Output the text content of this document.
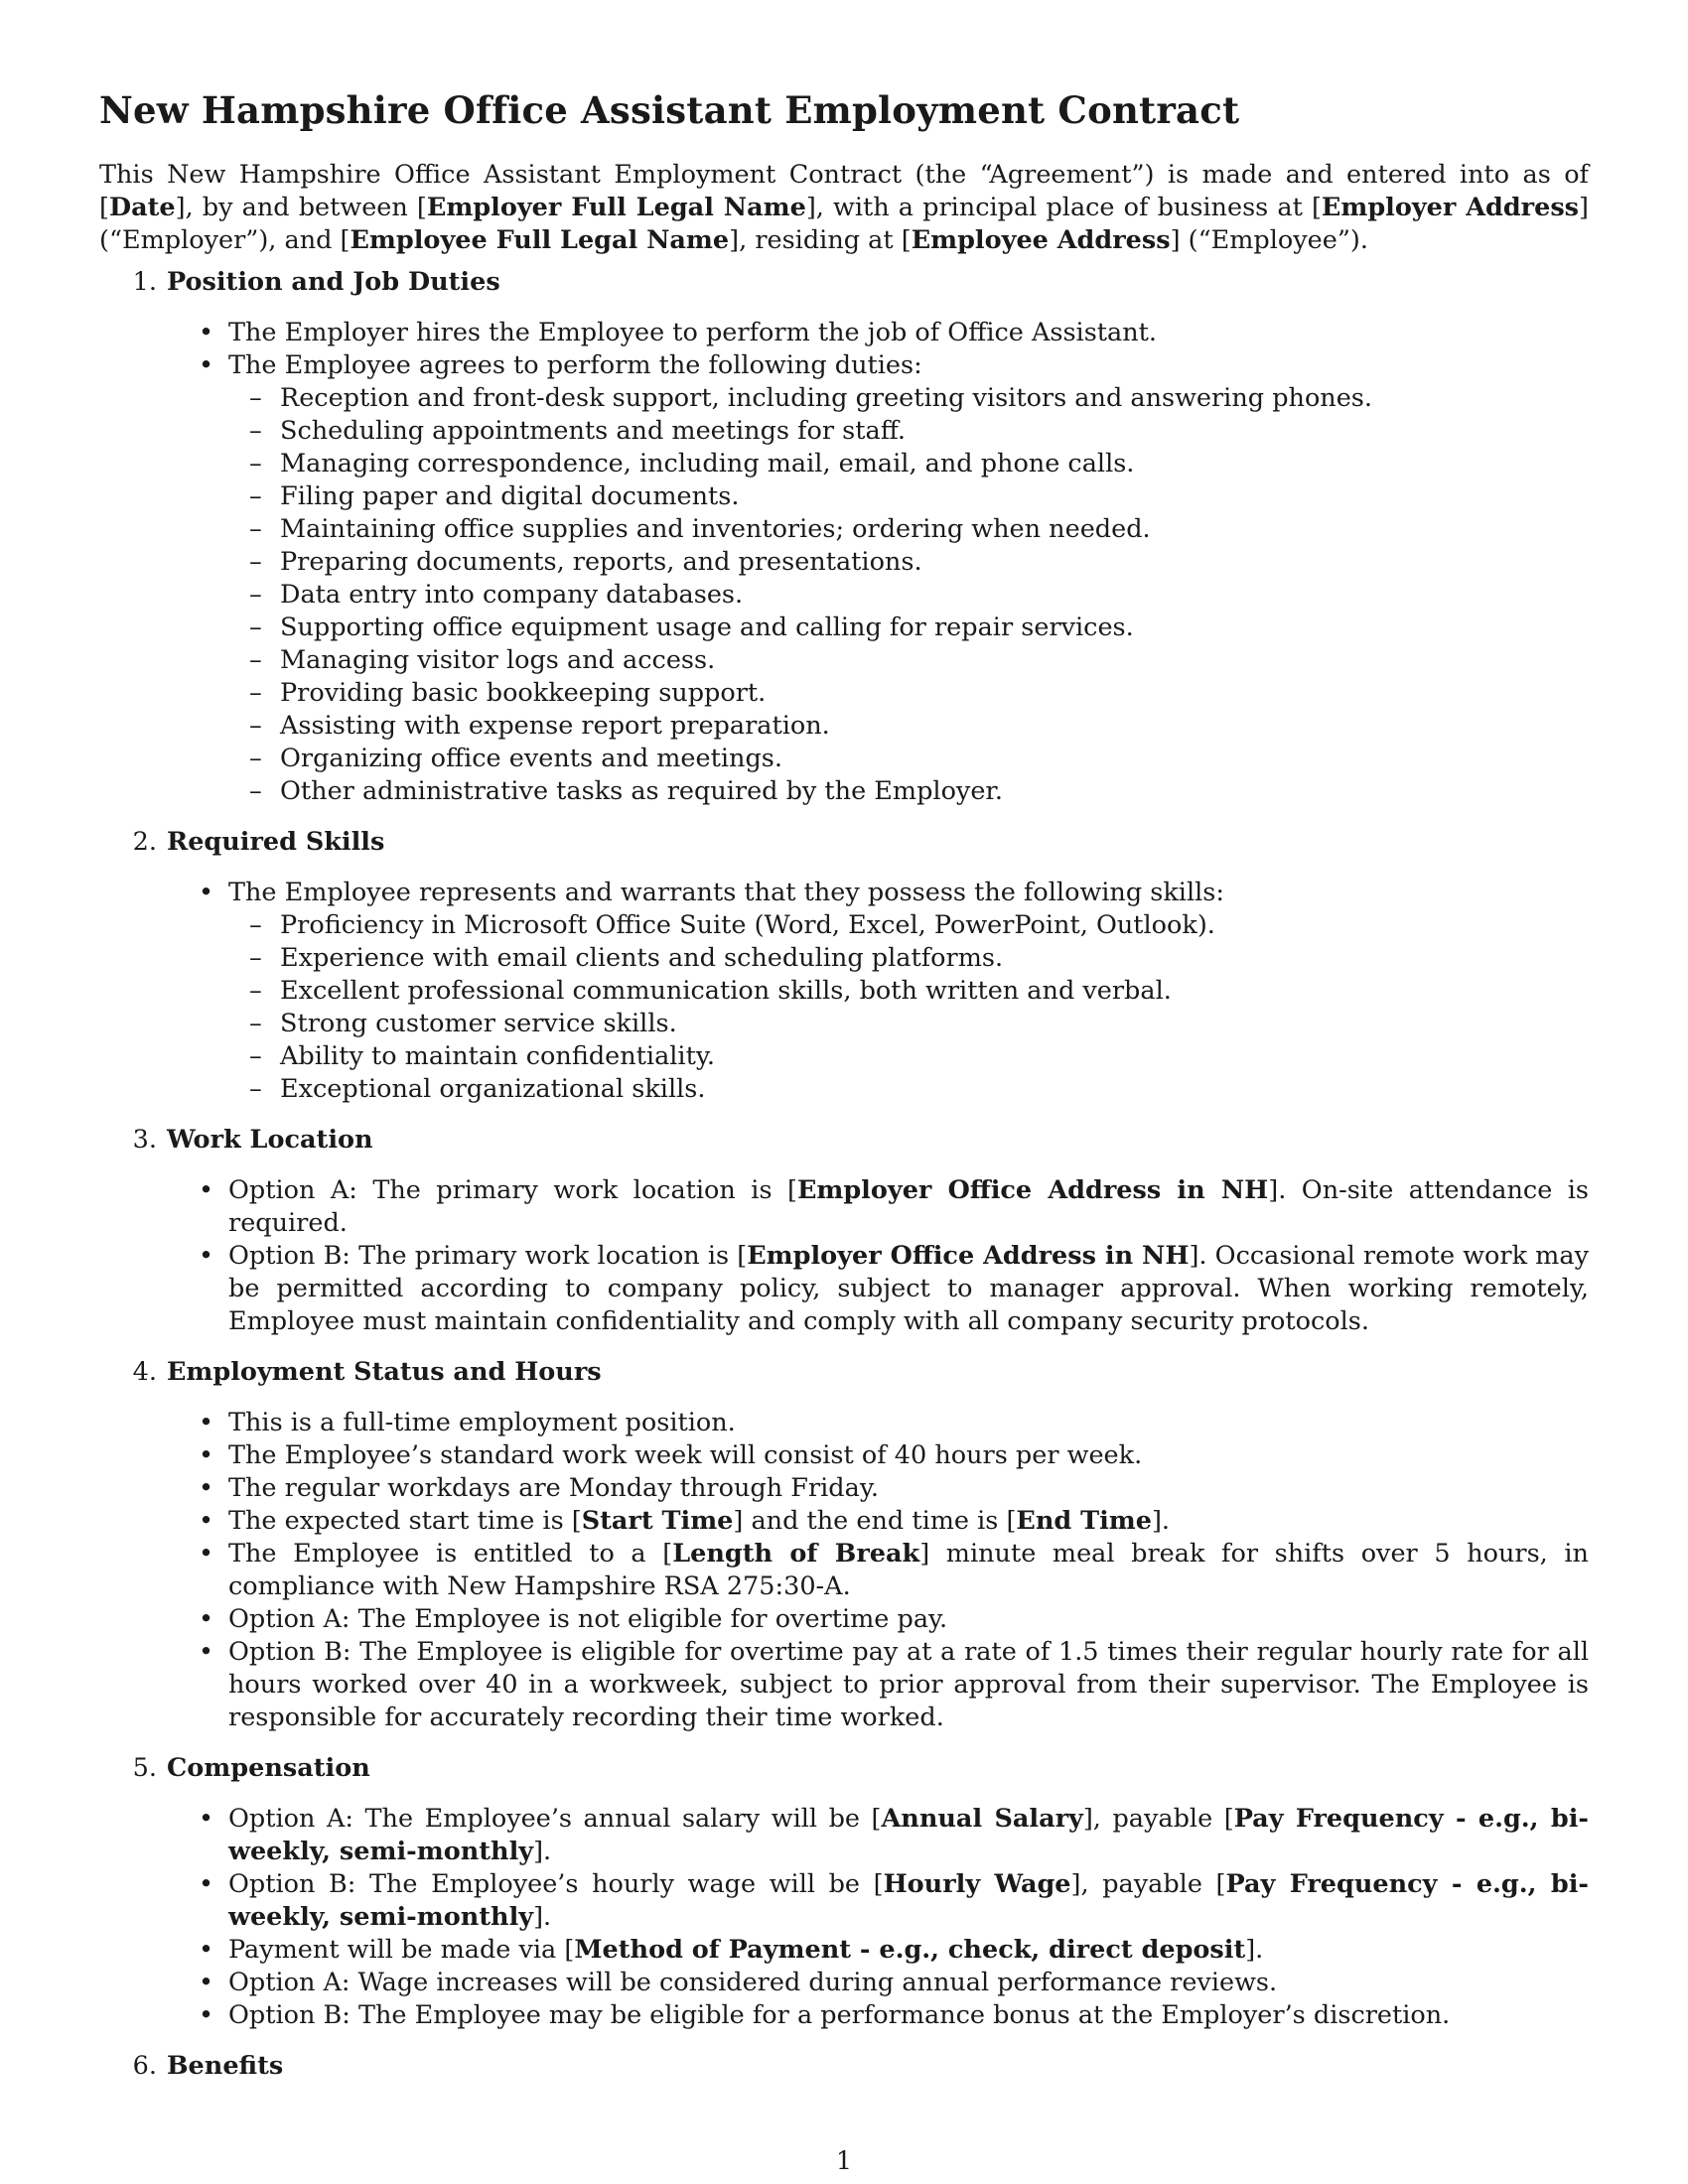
New Hampshire Office Assistant Employment Contract

This New Hampshire Office Assistant Employment Contract (the “Agreement”) is made and entered into as of [Date], by and between [Employer Full Legal Name], with a principal place of business at [Employer Address] (“Employer”), and [Employee Full Legal Name], residing at [Employee Address] (“Employee”).

1. Position and Job Duties
• The Employer hires the Employee to perform the job of Office Assistant.
• The Employee agrees to perform the following duties:
– Reception and front-desk support, including greeting visitors and answering phones.
– Scheduling appointments and meetings for staff.
– Managing correspondence, including mail, email, and phone calls.
– Filing paper and digital documents.
– Maintaining office supplies and inventories; ordering when needed.
– Preparing documents, reports, and presentations.
– Data entry into company databases.
– Supporting office equipment usage and calling for repair services.
– Managing visitor logs and access.
– Providing basic bookkeeping support.
– Assisting with expense report preparation.
– Organizing office events and meetings.
– Other administrative tasks as required by the Employer.
2. Required Skills
• The Employee represents and warrants that they possess the following skills:
– Proficiency in Microsoft Office Suite (Word, Excel, PowerPoint, Outlook).
– Experience with email clients and scheduling platforms.
– Excellent professional communication skills, both written and verbal.
– Strong customer service skills.
– Ability to maintain confidentiality.
– Exceptional organizational skills.
3. Work Location
• Option A: The primary work location is [Employer Office Address in NH]. On-site attendance is required.
• Option B: The primary work location is [Employer Office Address in NH]. Occasional remote work may be permitted according to company policy, subject to manager approval. When working remotely, Employee must maintain confidentiality and comply with all company security protocols.
4. Employment Status and Hours
• This is a full-time employment position.
• The Employee’s standard work week will consist of 40 hours per week.
• The regular workdays are Monday through Friday.
• The expected start time is [Start Time] and the end time is [End Time].
• The Employee is entitled to a [Length of Break] minute meal break for shifts over 5 hours, in compliance with New Hampshire RSA 275:30-A.
• Option A: The Employee is not eligible for overtime pay.
• Option B: The Employee is eligible for overtime pay at a rate of 1.5 times their regular hourly rate for all hours worked over 40 in a workweek, subject to prior approval from their supervisor. The Employee is responsible for accurately recording their time worked.
5. Compensation
• Option A: The Employee’s annual salary will be [Annual Salary], payable [Pay Frequency - e.g., bi-weekly, semi-monthly].
• Option B: The Employee’s hourly wage will be [Hourly Wage], payable [Pay Frequency - e.g., bi-weekly, semi-monthly].
• Payment will be made via [Method of Payment - e.g., check, direct deposit].
• Option A: Wage increases will be considered during annual performance reviews.
• Option B: The Employee may be eligible for a performance bonus at the Employer’s discretion.
6. Benefits
1
